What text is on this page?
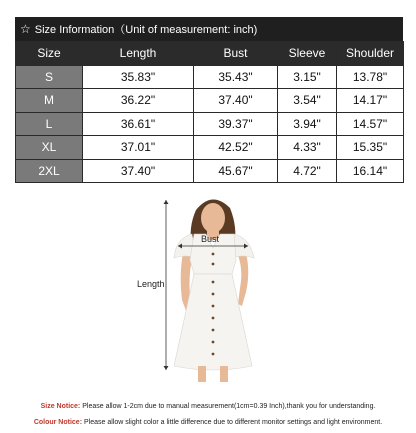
☆ Size Information（Unit of measurement: inch)
Size	Length	Bust	Sleeve	Shoulder
S	35.83"	35.43"	3.15"	13.78"
M	36.22"	37.40"	3.54"	14.17"
L	36.61"	39.37"	3.94"	14.57"
XL	37.01"	42.52"	4.33"	15.35"
2XL	37.40"	45.67"	4.72"	16.14"
Bust
Length
Size Notice: Please allow 1-2cm due to manual measurement(1cm=0.39 Inch),thank you for understanding.
Colour Notice: Please allow slight color a little difference due to different monitor settings and light environment.
